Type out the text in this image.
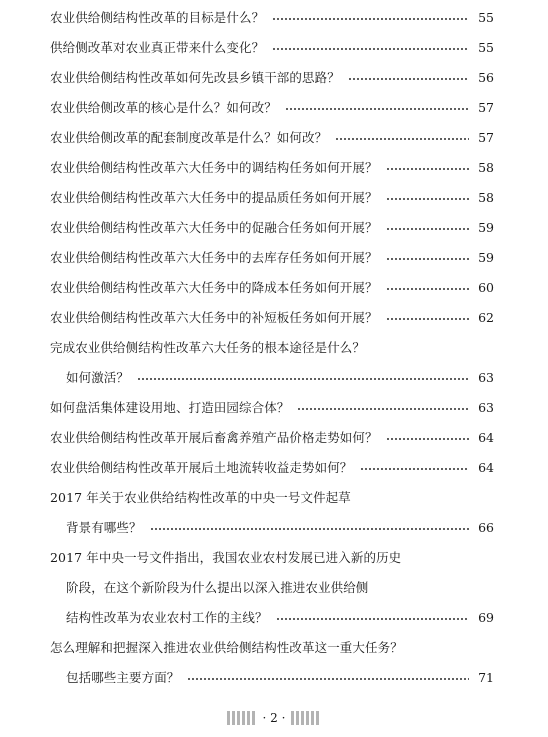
农业供给侧结构性改革的目标是什么？	55
供给侧改革对农业真正带来什么变化？	55
农业供给侧结构性改革如何先改县乡镇干部的思路？	56
农业供给侧改革的核心是什么？如何改？	57
农业供给侧改革的配套制度改革是什么？如何改？	57
农业供给侧结构性改革六大任务中的调结构任务如何开展？	58
农业供给侧结构性改革六大任务中的提品质任务如何开展？	58
农业供给侧结构性改革六大任务中的促融合任务如何开展？	59
农业供给侧结构性改革六大任务中的去库存任务如何开展？	59
农业供给侧结构性改革六大任务中的降成本任务如何开展？	60
农业供给侧结构性改革六大任务中的补短板任务如何开展？	62
完成农业供给侧结构性改革六大任务的根本途径是什么？
如何激活？	63
如何盘活集体建设用地、打造田园综合体？	63
农业供给侧结构性改革开展后畜禽养殖产品价格走势如何？	64
农业供给侧结构性改革开展后土地流转收益走势如何？	64
2017 年关于农业供给结构性改革的中央一号文件起草
背景有哪些？	66
2017 年中央一号文件指出，我国农业农村发展已进入新的历史
阶段，在这个新阶段为什么提出以深入推进农业供给侧
结构性改革为农业农村工作的主线？	69
怎么理解和把握深入推进农业供给侧结构性改革这一重大任务？
包括哪些主要方面？	71
· 2 ·
